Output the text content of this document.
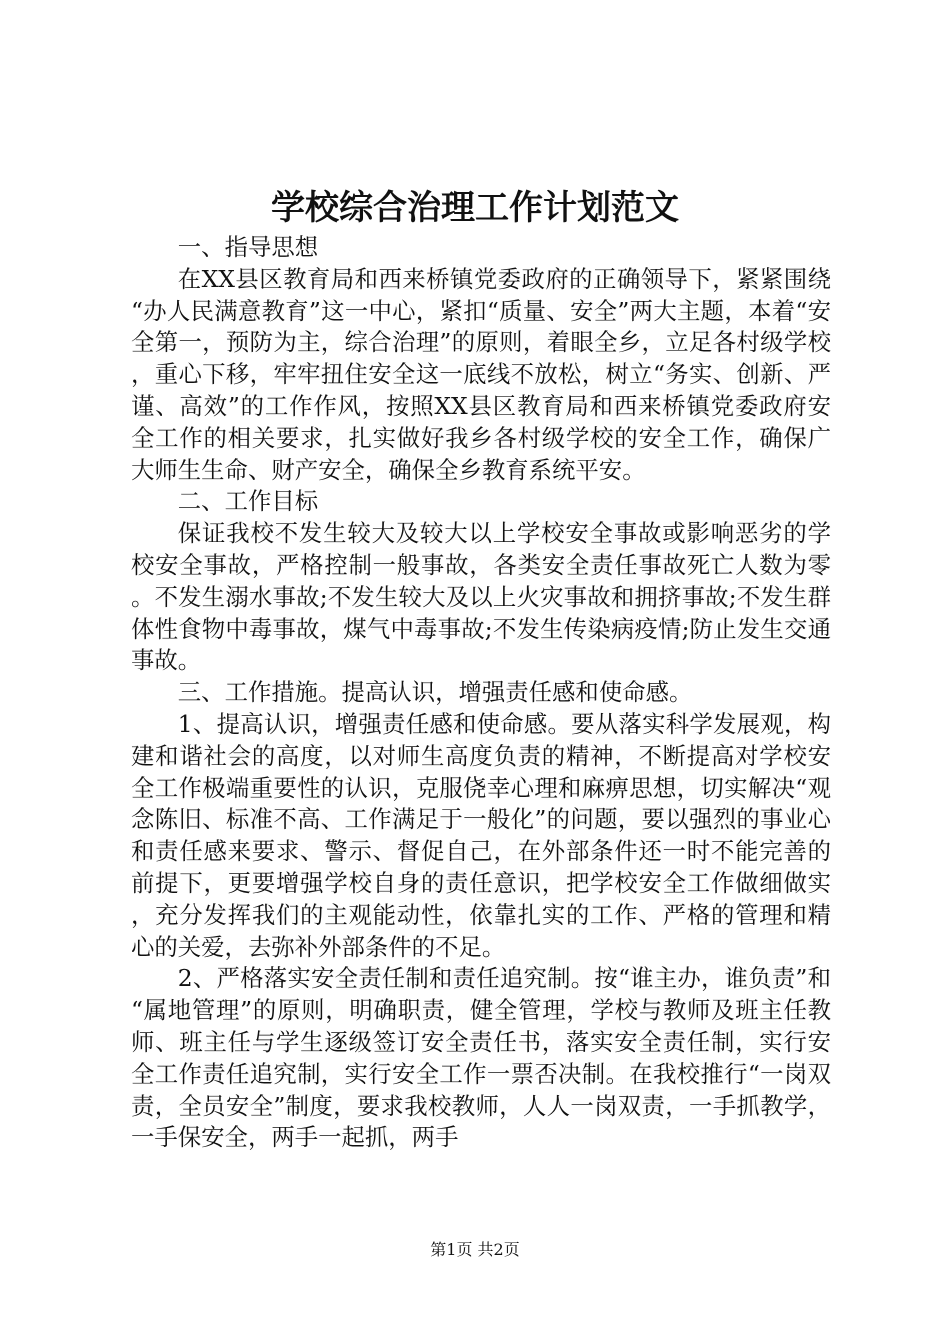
学校综合治理工作计划范文

一、指导思想

在XX县区教育局和西来桥镇党委政府的正确领导下，紧紧围绕“办人民满意教育”这一中心，紧扣“质量、安全”两大主题，本着“安全第一，预防为主，综合治理”的原则，着眼全乡，立足各村级学校，重心下移，牢牢扭住安全这一底线不放松，树立“务实、创新、严谨、高效”的工作作风，按照XX县区教育局和西来桥镇党委政府安全工作的相关要求，扎实做好我乡各村级学校的安全工作，确保广大师生生命、财产安全，确保全乡教育系统平安。

二、工作目标

保证我校不发生较大及较大以上学校安全事故或影响恶劣的学校安全事故，严格控制一般事故，各类安全责任事故死亡人数为零。不发生溺水事故;不发生较大及以上火灾事故和拥挤事故;不发生群体性食物中毒事故，煤气中毒事故;不发生传染病疫情;防止发生交通事故。

三、工作措施。提高认识，增强责任感和使命感。

1、提高认识，增强责任感和使命感。要从落实科学发展观，构建和谐社会的高度，以对师生高度负责的精神，不断提高对学校安全工作极端重要性的认识，克服侥幸心理和麻痹思想，切实解决“观念陈旧、标准不高、工作满足于一般化”的问题，要以强烈的事业心和责任感来要求、警示、督促自己，在外部条件还一时不能完善的前提下，更要增强学校自身的责任意识，把学校安全工作做细做实，充分发挥我们的主观能动性，依靠扎实的工作、严格的管理和精心的关爱，去弥补外部条件的不足。

2、严格落实安全责任制和责任追究制。按“谁主办，谁负责”和“属地管理”的原则，明确职责，健全管理，学校与教师及班主任教师、班主任与学生逐级签订安全责任书，落实安全责任制，实行安全工作责任追究制，实行安全工作一票否决制。在我校推行“一岗双责，全员安全”制度，要求我校教师，人人一岗双责，一手抓教学，一手保安全，两手一起抓，两手

第1页 共2页
